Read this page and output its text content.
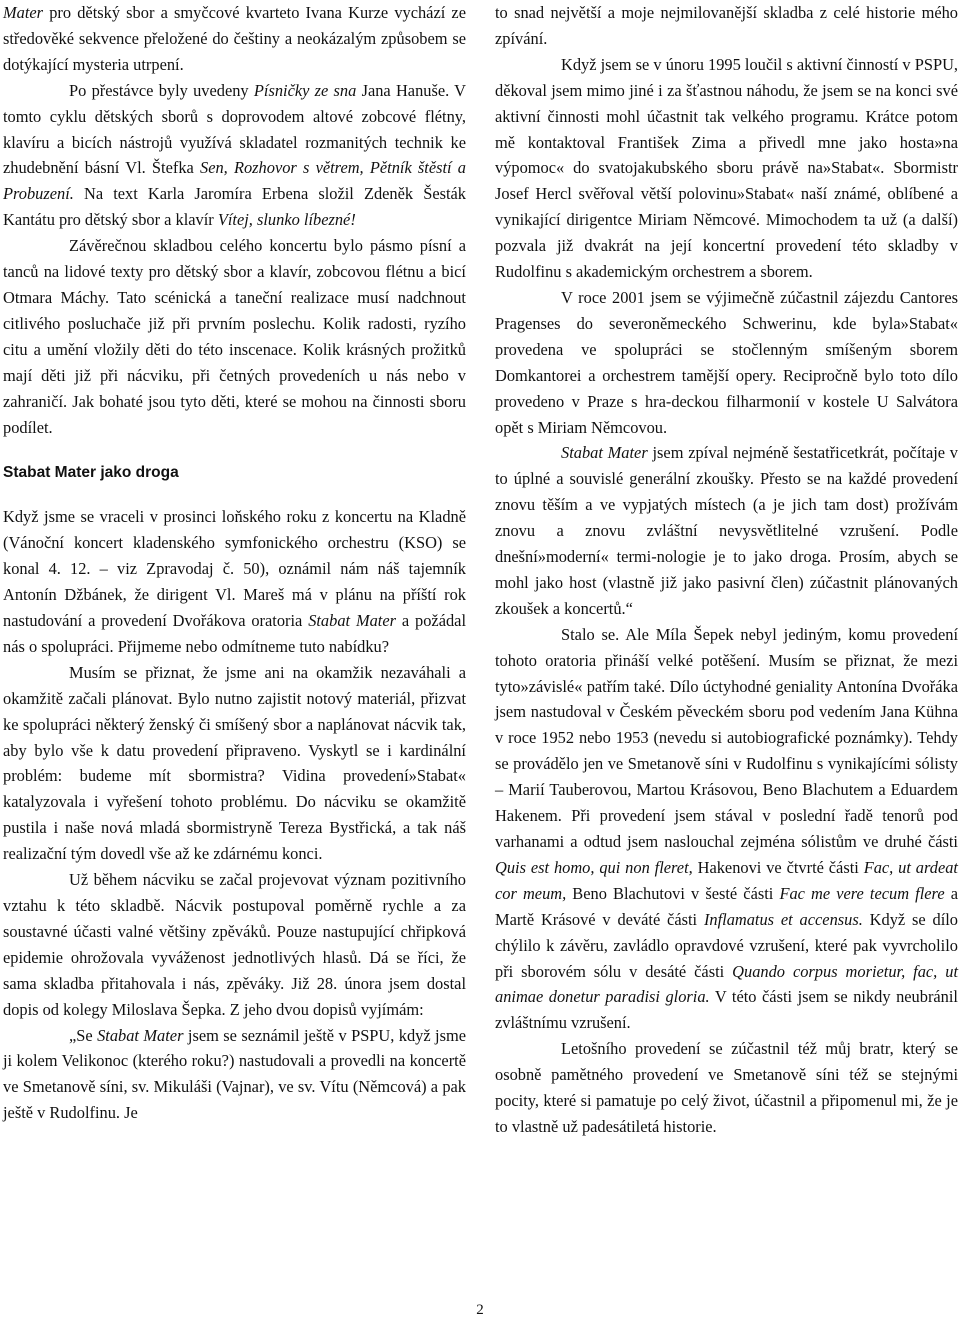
Mater pro dětský sbor a smyčcové kvarteto Ivana Kurze vychází ze středověké sekvence přeložené do češtiny a neokázalým způsobem se dotýkající mysteria utrpení.

Po přestávce byly uvedeny Písničky ze sna Jana Hanuše. V tomto cyklu dětských sborů s doprovodem altové zobcové flétny, klavíru a bicích nástrojů využívá skladatel rozmanitých technik ke zhudebnění básní Vl. Štefka Sen, Rozhovor s větrem, Pětník štěstí a Probuzení. Na text Karla Jaromíra Erbena složil Zdeněk Šesták Kantátu pro dětský sbor a klavír Vítej, slunko líbezné!

Závěrečnou skladbou celého koncertu bylo pásmo písní a tanců na lidové texty pro dětský sbor a klavír, zobcovou flétnu a bicí Otmara Máchy. Tato scénická a taneční realizace musí nadchnout citlivého posluchače již při prvním poslechu. Kolik radosti, ryzího citu a umění vložily děti do této inscenace. Kolik krásných prožitků mají děti již při nácviku, při četných provedeních u nás nebo v zahraničí. Jak bohaté jsou tyto děti, které se mohou na činnosti sboru podílet.

Stabat Mater jako droga

Když jsme se vraceli v prosinci loňského roku z koncertu na Kladně (Vánoční koncert kladenského symfonického orchestru (KSO) se konal 4. 12. – viz Zpravodaj č. 50), oznámil nám náš tajemník Antonín Džbánek, že dirigent Vl. Mareš má v plánu na příští rok nastudování a provedení Dvořákova oratoria Stabat Mater a požádal nás o spolupráci. Přijmeme nebo odmítneme tuto nabídku?

Musím se přiznat, že jsme ani na okamžik nezaváhali a okamžitě začali plánovat. Bylo nutno zajistit notový materiál, přizvat ke spolupráci některý ženský či smíšený sbor a naplánovat nácvik tak, aby bylo vše k datu provedení připraveno. Vyskytl se i kardinální problém: budeme mít sbormistra? Vidina provedení»Stabat« katalyzovala i vyřešení tohoto problému. Do nácviku se okamžitě pustila i naše nová mladá sbormistryně Tereza Bystřická, a tak náš realizační tým dovedl vše až ke zdárnému konci.

Už během nácviku se začal projevovat význam pozitivního vztahu k této skladbě. Nácvik postupoval poměrně rychle a za soustavné účasti valné většiny zpěváků. Pouze nastupující chřipková epidemie ohrožovala vyváženost jednotlivých hlasů. Dá se říci, že sama skladba přitahovala i nás, zpěváky. Již 28. února jsem dostal dopis od kolegy Miloslava Šepka. Z jeho dvou dopisů vyjímám:

„Se Stabat Mater jsem se seznámil ještě v PSPU, když jsme ji kolem Velikonoc (kterého roku?) nastudovali a provedli na koncertě ve Smetanově síni, sv. Mikuláši (Vajnar), ve sv. Vítu (Němcová) a pak ještě v Rudolfinu. Je

to snad největší a moje nejmilovanější skladba z celé historie mého zpívání.

Když jsem se v únoru 1995 loučil s aktivní činností v PSPU, děkoval jsem mimo jiné i za šťastnou náhodu, že jsem se na konci své aktivní činnosti mohl účastnit tak velkého programu. Krátce potom mě kontaktoval František Zima a přivedl mne jako hosta»na výpomoc« do svatojakubského sboru právě na»Stabat«. Sbormistr Josef Hercl svěřoval větší polovinu»Stabat« naší známé, oblíbené a vynikající dirigentce Miriam Němcové. Mimochodem ta už (a další) pozvala již dvakrát na její koncertní provedení této skladby v Rudolfinu s akademickým orchestrem a sborem.

V roce 2001 jsem se výjimečně zúčastnil zájezdu Cantores Pragenses do severoněmeckého Schwerinu, kde byla»Stabat« provedena ve spolupráci se stočlenným smíšeným sborem Domkantorei a orchestrem tamější opery. Recipročně bylo toto dílo provedeno v Praze s hra-deckou filharmonií v kostele U Salvátora opět s Miriam Němcovou.

Stabat Mater jsem zpíval nejméně šestatřicetkrát, počítaje v to úplné a souvislé generální zkoušky. Přesto se na každé provedení znovu těším a ve vypjatých místech (a je jich tam dost) prožívám znovu a znovu zvláštní nevysvětlitelné vzrušení. Podle dnešní»moderní« termi-nologie je to jako droga. Prosím, abych se mohl jako host (vlastně již jako pasivní člen) zúčastnit plánovaných zkoušek a koncertů.“

Stalo se. Ale Míla Šepek nebyl jediným, komu provedení tohoto oratoria přináší velké potěšení. Musím se přiznat, že mezi tyto»závislé« patřím také. Dílo úctyhodné geniality Antonína Dvořáka jsem nastudoval v Českém pěveckém sboru pod vedením Jana Kühna v roce 1952 nebo 1953 (nevedu si autobiografické poznámky). Tehdy se provádělo jen ve Smetanově síni v Rudolfinu s vynikajícími sólisty – Marií Tauberovou, Martou Krásovou, Beno Blachutem a Eduardem Hakenem. Při provedení jsem stával v poslední řadě tenorů pod varhanami a odtud jsem naslouchal zejména sólistům ve druhé části Quis est homo, qui non fleret, Hakenovi ve čtvrté části Fac, ut ardeat cor meum, Beno Blachutovi v šesté části Fac me vere tecum flere a Martě Krásové v deváté části Inflamatus et accensus. Když se dílo chýlilo k závěru, zavládlo opravdové vzrušení, které pak vyvrcholilo při sborovém sólu v desáté části Quando corpus morietur, fac, ut animae donetur paradisi gloria. V této části jsem se nikdy neubránil zvláštnímu vzrušení.

Letošního provedení se zúčastnil též můj bratr, který se osobně pamětného provedení ve Smetanově síni též se stejnými pocity, které si pamatuje po celý život, účastnil a připomenul mi, že je to vlastně už padesátiletá historie.

2
